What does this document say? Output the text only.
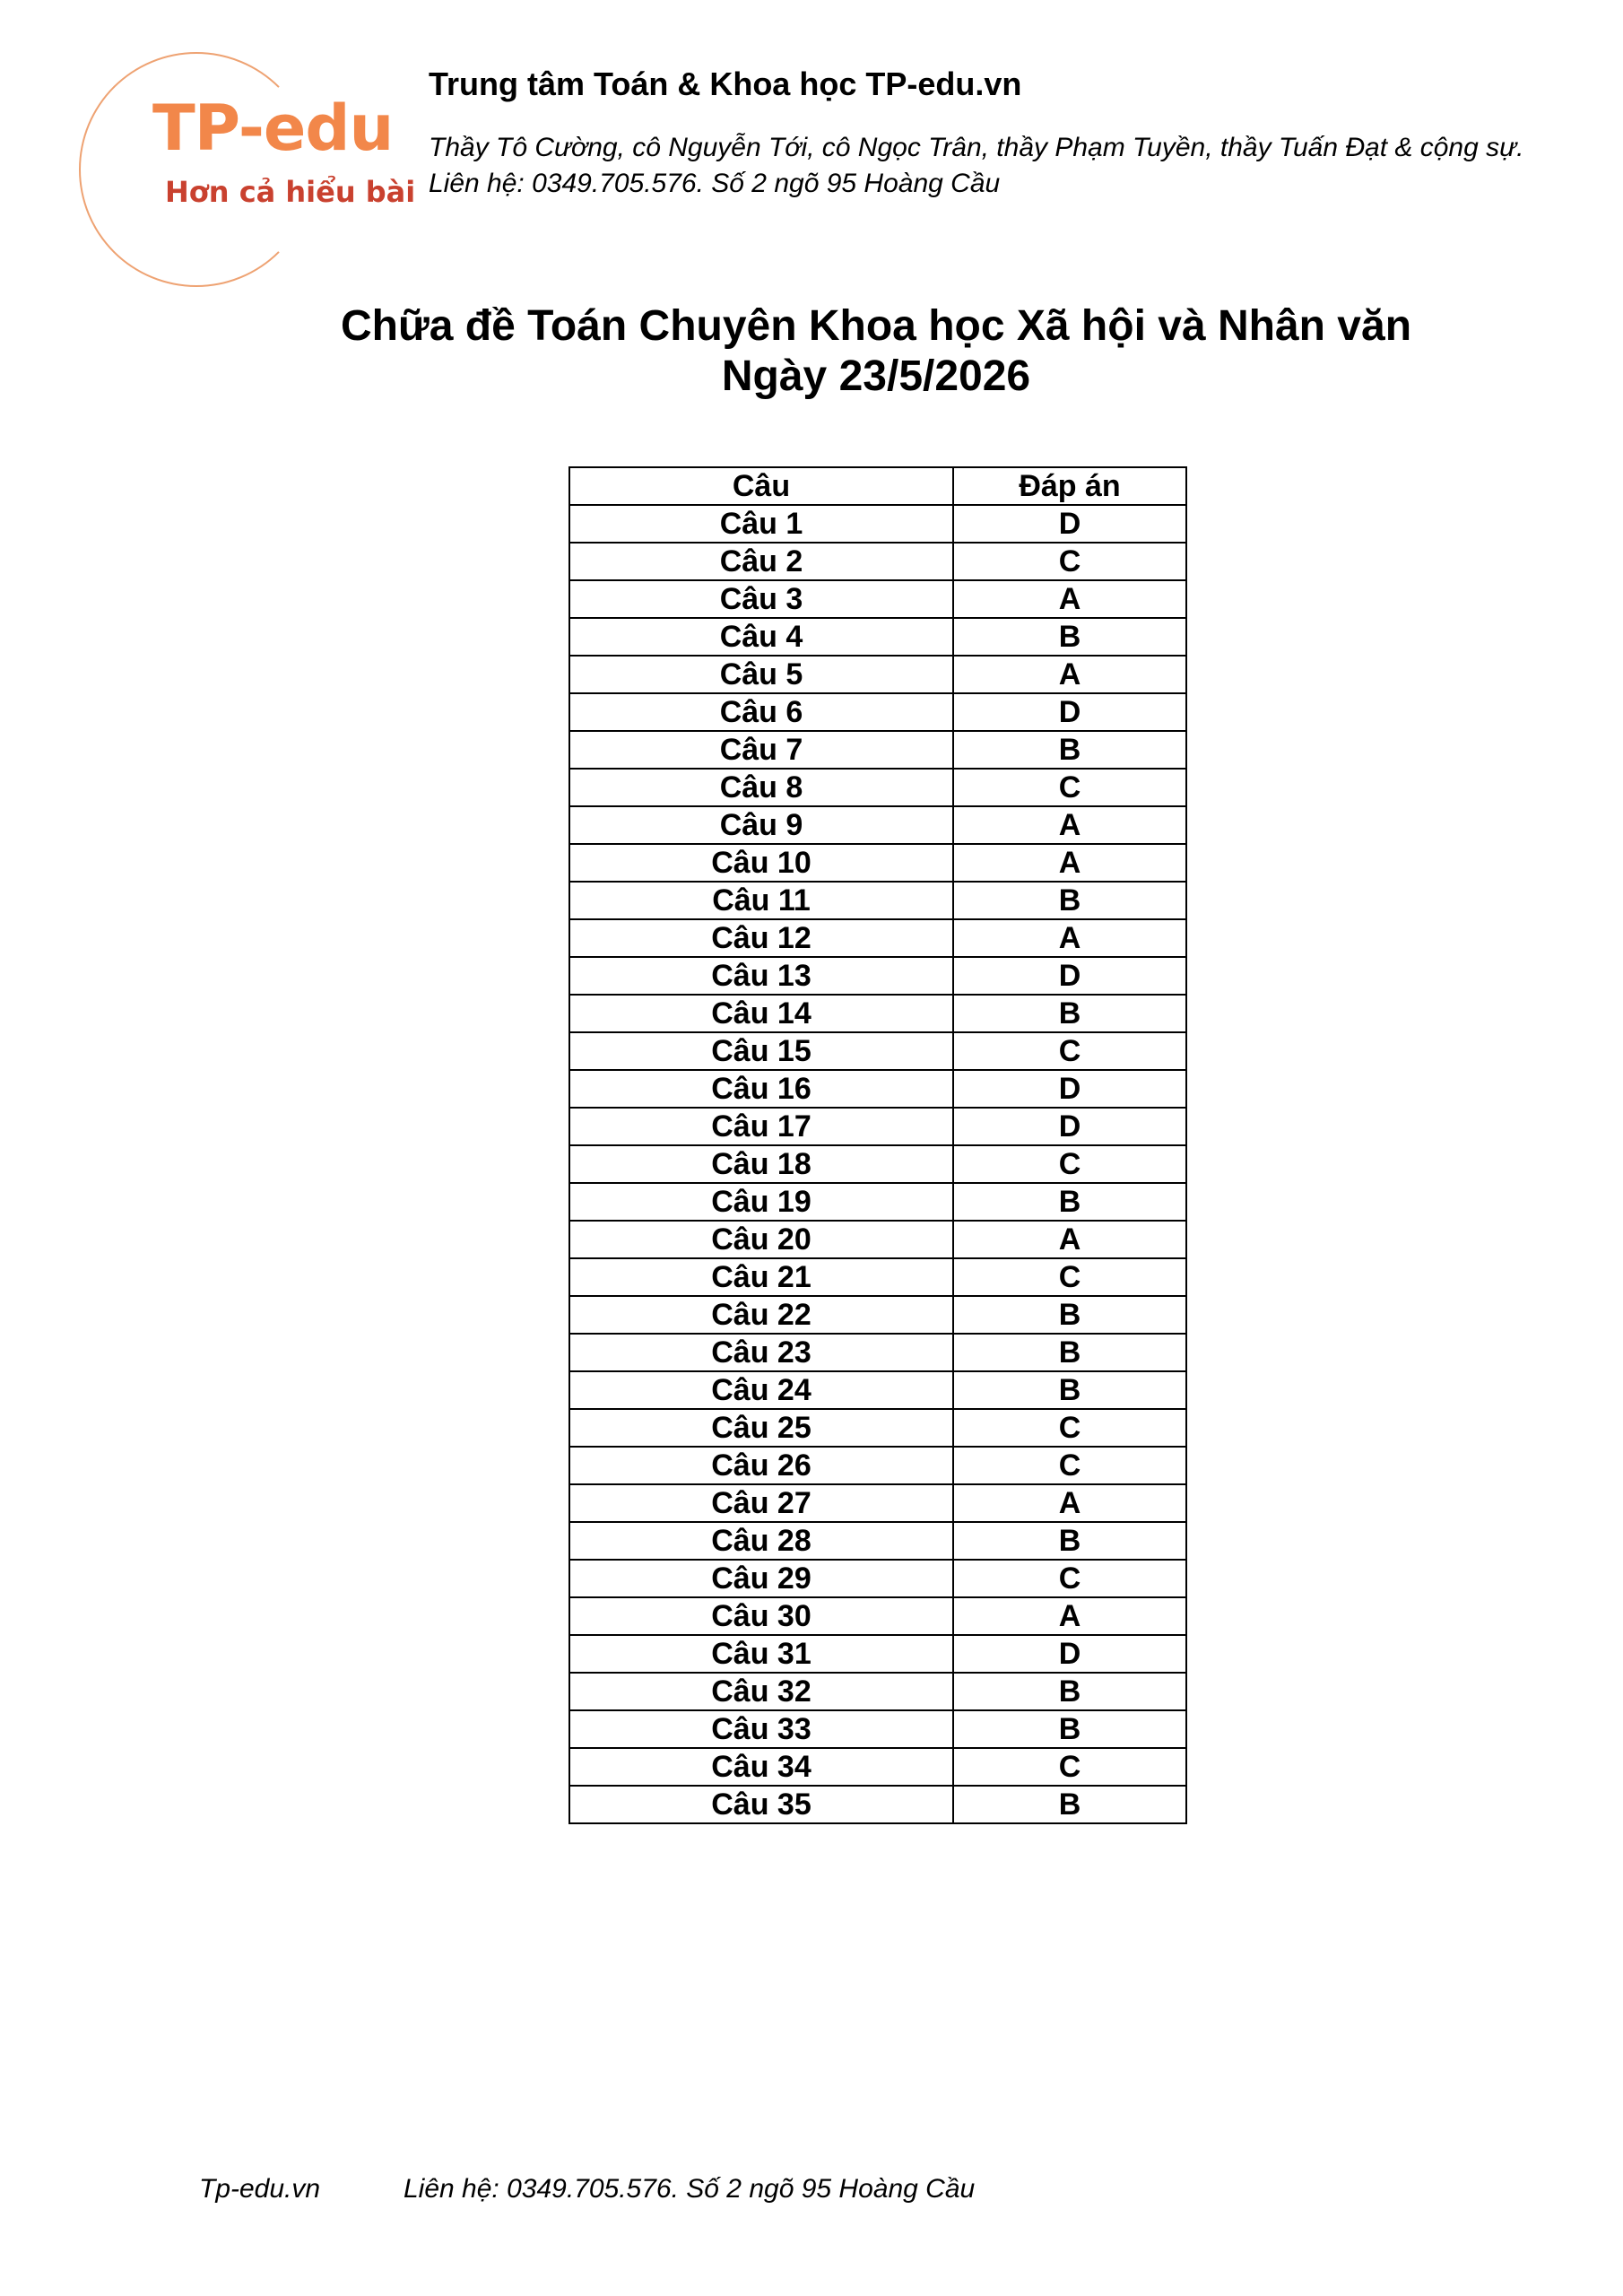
TP-edu
Hơn cả hiểu bài
Trung tâm Toán & Khoa học TP-edu.vn
Thầy Tô Cường, cô Nguyễn Tới, cô Ngọc Trân, thầy Phạm Tuyền, thầy Tuấn Đạt & cộng sự.
Liên hệ: 0349.705.576. Số 2 ngõ 95 Hoàng Cầu
Chữa đề Toán Chuyên Khoa học Xã hội và Nhân văn
Ngày 23/5/2026
Câu	Đáp án
Câu 1	D
Câu 2	C
Câu 3	A
Câu 4	B
Câu 5	A
Câu 6	D
Câu 7	B
Câu 8	C
Câu 9	A
Câu 10	A
Câu 11	B
Câu 12	A
Câu 13	D
Câu 14	B
Câu 15	C
Câu 16	D
Câu 17	D
Câu 18	C
Câu 19	B
Câu 20	A
Câu 21	C
Câu 22	B
Câu 23	B
Câu 24	B
Câu 25	C
Câu 26	C
Câu 27	A
Câu 28	B
Câu 29	C
Câu 30	A
Câu 31	D
Câu 32	B
Câu 33	B
Câu 34	C
Câu 35	B
Tp-edu.vn	Liên hệ: 0349.705.576. Số 2 ngõ 95 Hoàng Cầu
